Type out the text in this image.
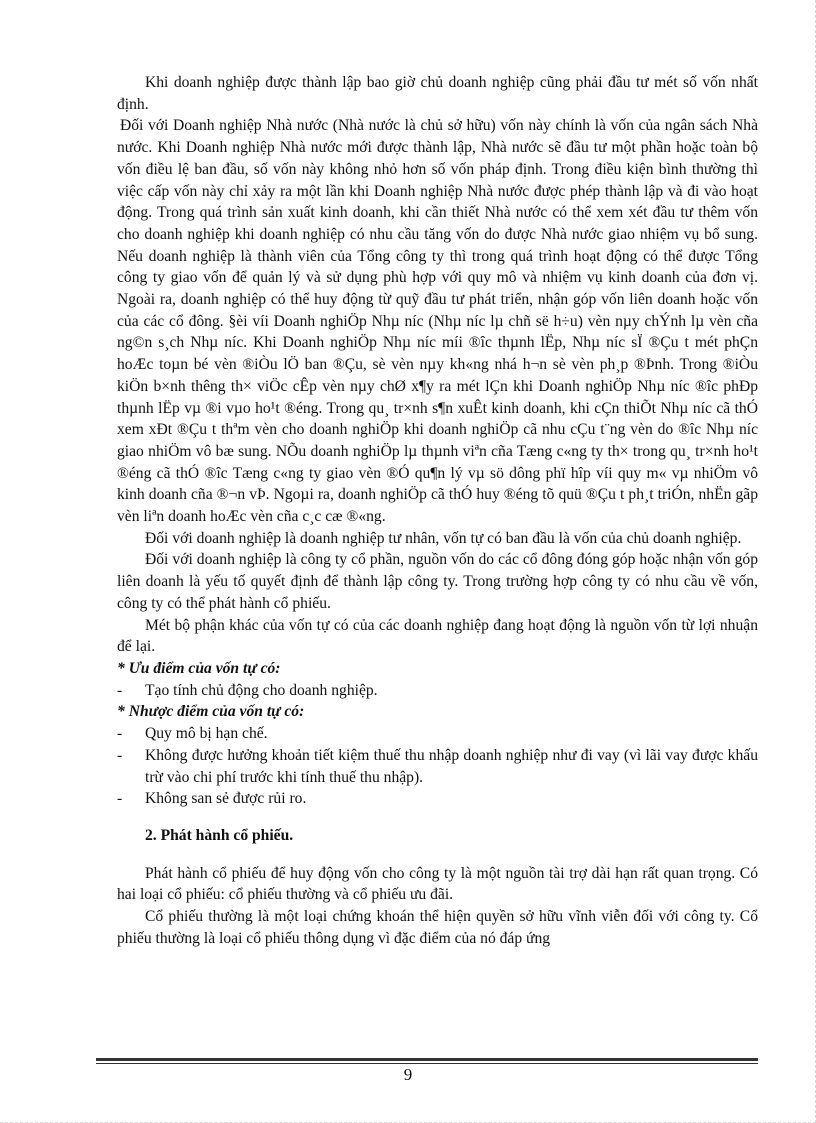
Khi doanh nghiệp được thành lập bao giờ chủ doanh nghiệp cũng phải đầu tư mét số vốn nhất định.

Đối với Doanh nghiệp Nhà nước (Nhà nước là chủ sở hữu) vốn này chính là vốn của ngân sách Nhà nước. Khi Doanh nghiệp Nhà nước mới được thành lập, Nhà nước sẽ đầu tư một phần hoặc toàn bộ vốn điều lệ ban đầu, số vốn này không nhỏ hơn số vốn pháp định. Trong điều kiện bình thường thì việc cấp vốn này chỉ xảy ra một lần khi Doanh nghiệp Nhà nước được phép thành lập và đi vào hoạt động. Trong quá trình sản xuất kinh doanh, khi cần thiết Nhà nước có thể xem xét đầu tư thêm vốn cho doanh nghiệp khi doanh nghiệp có nhu cầu tăng vốn do được Nhà nước giao nhiệm vụ bổ sung. Nếu doanh nghiệp là thành viên của Tổng công ty thì trong quá trình hoạt động có thể được Tổng công ty giao vốn để quản lý và sử dụng phù hợp với quy mô và nhiệm vụ kinh doanh của đơn vị. Ngoài ra, doanh nghiệp có thể huy động từ quỹ đầu tư phát triển, nhận góp vốn liên doanh hoặc vốn của các cổ đông. §èi víi Doanh nghiÖp Nhµ níc (Nhµ níc lµ chñ së h÷u) vèn nµy chÝnh lµ vèn cña ng©n s¸ch Nhµ níc. Khi Doanh nghiÖp Nhµ níc míi ®îc thµnh lËp, Nhµ níc sÏ ®Çu t mét phÇn hoÆc toµn bé vèn ®iÒu lÖ ban ®Çu, sè vèn nµy kh«ng nhá h¬n sè vèn ph¸p ®Þnh. Trong ®iÒu kiÖn b×nh thêng th× viÖc cÊp vèn nµy chØ x¶y ra mét lÇn khi Doanh nghiÖp Nhµ níc ®îc phÐp thµnh lËp vµ ®i vµo ho¹t ®éng. Trong qu¸ tr×nh s¶n xuÊt kinh doanh, khi cÇn thiÕt Nhµ níc cã thÓ xem xÐt ®Çu t thªm vèn cho doanh nghiÖp khi doanh nghiÖp cã nhu cÇu t¨ng vèn do ®îc Nhµ níc giao nhiÖm vô bæ sung. NÕu doanh nghiÖp lµ thµnh viªn cña Tæng c«ng ty th× trong qu¸ tr×nh ho¹t ®éng cã thÓ ®îc Tæng c«ng ty giao vèn ®Ó qu¶n lý vµ sö dông phï hîp víi quy m« vµ nhiÖm vô kinh doanh cña ®¬n vÞ. Ngoµi ra, doanh nghiÖp cã thÓ huy ®éng tõ quü ®Çu t ph¸t triÓn, nhËn gãp vèn liªn doanh hoÆc vèn cña c¸c cæ ®«ng.

Đối với doanh nghiệp là doanh nghiệp tư nhân, vốn tự có ban đầu là vốn của chủ doanh nghiệp.

Đối với doanh nghiệp là công ty cổ phần, nguồn vốn do các cổ đông đóng góp hoặc nhận vốn góp liên doanh là yếu tố quyết định để thành lập công ty. Trong trường hợp công ty có nhu cầu về vốn, công ty có thể phát hành cổ phiếu.

Mét bộ phận khác của vốn tự có của các doanh nghiệp đang hoạt động là nguồn vốn từ lợi nhuận để lại.

* Ưu điểm của vốn tự có:

-	Tạo tính chủ động cho doanh nghiệp.

* Nhược điểm của vốn tự có:

-	Quy mô bị hạn chế.
-	Không được hưởng khoản tiết kiệm thuế thu nhập doanh nghiệp như đi vay (vì lãi vay được khấu trừ vào chi phí trước khi tính thuế thu nhập).
-	Không san sẻ được rủi ro.

2. Phát hành cổ phiếu.

Phát hành cổ phiếu để huy động vốn cho công ty là một nguồn tài trợ dài hạn rất quan trọng. Có hai loại cổ phiếu: cổ phiếu thường và cổ phiếu ưu đãi.

Cổ phiếu thường là một loại chứng khoán thể hiện quyền sở hữu vĩnh viễn đối với công ty. Cổ phiếu thường là loại cổ phiếu thông dụng vì đặc điểm của nó đáp ứng

9
